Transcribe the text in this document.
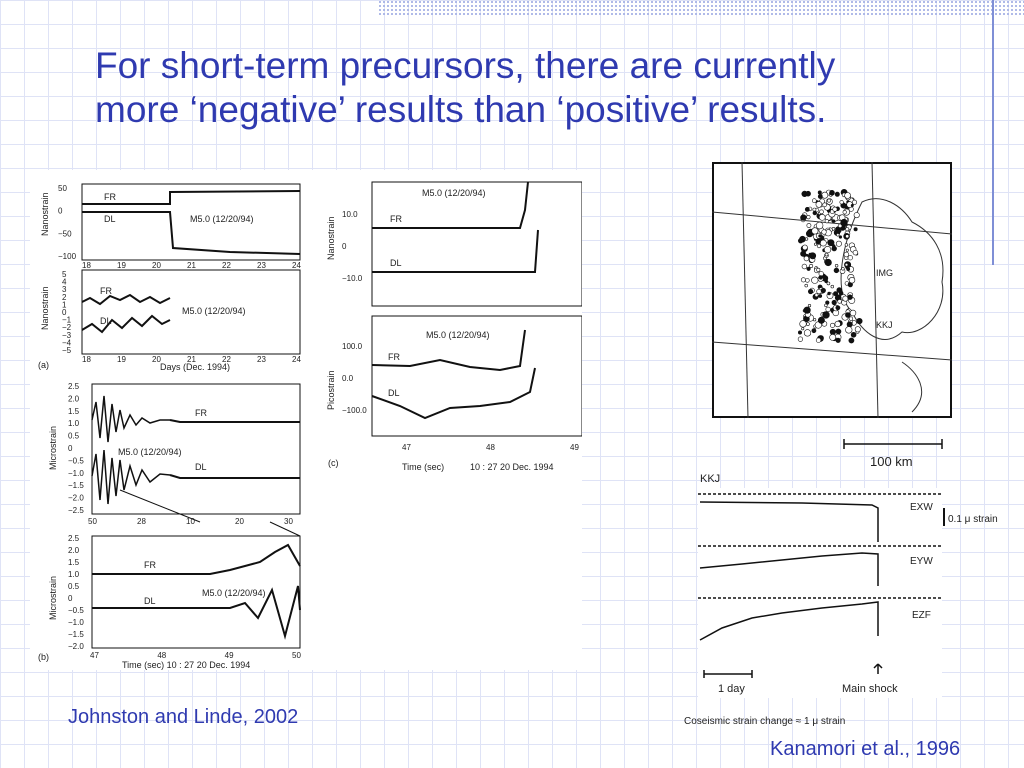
For short-term precursors, there are currently
more ‘negative’ results than ‘positive’ results.
Nanostrain	FR
DL	M5.0 (12/20/94)
Nanostrain	FR
DL
M5.0 (12/20/94)
Days (Dec. 1994)
(a)
Microstrain
FR
DL
M5.0 (12/20/94)
Microstrain
FR
DL
M5.0 (12/20/94)
Time (sec) 10 : 27 20 Dec. 1994
(b)
Nanostrain	FR
DL
M5.0 (12/20/94)
Picostrain
FR
DL
M5.0 (12/20/94)
Time (sec)	10 : 27 20 Dec. 1994
(c)
50
0
−50
−100
18	19	20	21	22	23	24
5
4
3
2
1
0
−1
−2
−3
−4
−5
18	19	20	21	22	23	24
2.5
2.0
1.5
1.0
0.5
0
−0.5
−1.0
−1.5
−2.0
−2.5
50	28	10	20	30
2.5
2.0
1.5
1.0
0.5
0
−0.5
−1.0
−1.5
−2.0
47	48	49	50
10.0
0
−10.0
100.0
0.0
−100.0
47	48	49
IMG
KKJ
100 km
KKJ
EXW
EYW
EZF
0.1 μ strain
1 day	Main shock
Coseismic strain change ≈ 1 μ strain
Johnston and Linde, 2002
Kanamori et al., 1996
